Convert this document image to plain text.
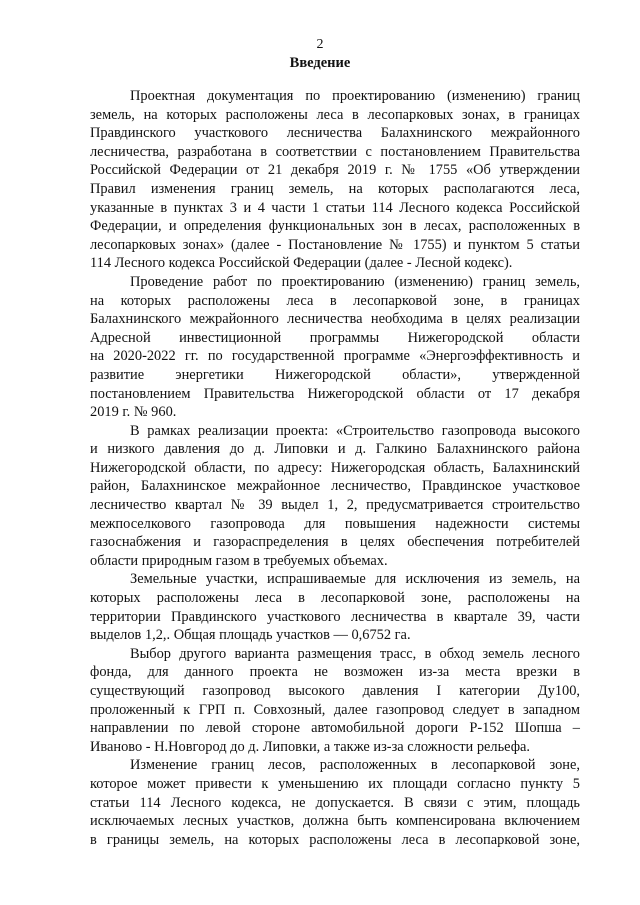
2
Введение

Проектная документация по проектированию (изменению) границ
земель, на которых расположены леса в лесопарковых зонах, в границах
Правдинского участкового лесничества Балахнинского межрайонного
лесничества, разработана в соответствии с постановлением Правительства
Российской Федерации от 21 декабря 2019 г. № 1755 «Об утверждении
Правил изменения границ земель, на которых располагаются леса,
указанные в пунктах 3 и 4 части 1 статьи 114 Лесного кодекса Российской
Федерации, и определения функциональных зон в лесах, расположенных в
лесопарковых зонах» (далее - Постановление № 1755) и пунктом 5 статьи
114 Лесного кодекса Российской Федерации (далее - Лесной кодекс).

Проведение работ по проектированию (изменению) границ земель,
на которых расположены леса в лесопарковой зоне, в границах
Балахнинского межрайонного лесничества необходима в целях реализации
Адресной инвестиционной программы Нижегородской области
на 2020-2022 гг. по государственной программе «Энергоэффективность и
развитие энергетики Нижегородской области», утвержденной
постановлением Правительства Нижегородской области от 17 декабря
2019 г. № 960.

В рамках реализации проекта: «Строительство газопровода высокого
и низкого давления до д. Липовки и д. Галкино Балахнинского района
Нижегородской области, по адресу: Нижегородская область, Балахнинский
район, Балахнинское межрайонное лесничество, Правдинское участковое
лесничество квартал № 39 выдел 1, 2, предусматривается строительство
межпоселкового газопровода для повышения надежности системы
газоснабжения и газораспределения в целях обеспечения потребителей
области природным газом в требуемых объемах.

Земельные участки, испрашиваемые для исключения из земель, на
которых расположены леса в лесопарковой зоне, расположены на
территории Правдинского участкового лесничества в квартале 39, части
выделов 1,2,. Общая площадь участков — 0,6752 га.

Выбор другого варианта размещения трасс, в обход земель лесного
фонда, для данного проекта не возможен из-за места врезки в
существующий газопровод высокого давления I категории Ду100,
проложенный к ГРП п. Совхозный, далее газопровод следует в западном
направлении по левой стороне автомобильной дороги Р-152 Шопша –
Иваново - Н.Новгород до д. Липовки, а также из-за сложности рельефа.

Изменение границ лесов, расположенных в лесопарковой зоне,
которое может привести к уменьшению их площади согласно пункту 5
статьи 114 Лесного кодекса, не допускается. В связи с этим, площадь
исключаемых лесных участков, должна быть компенсирована включением
в границы земель, на которых расположены леса в лесопарковой зоне,
